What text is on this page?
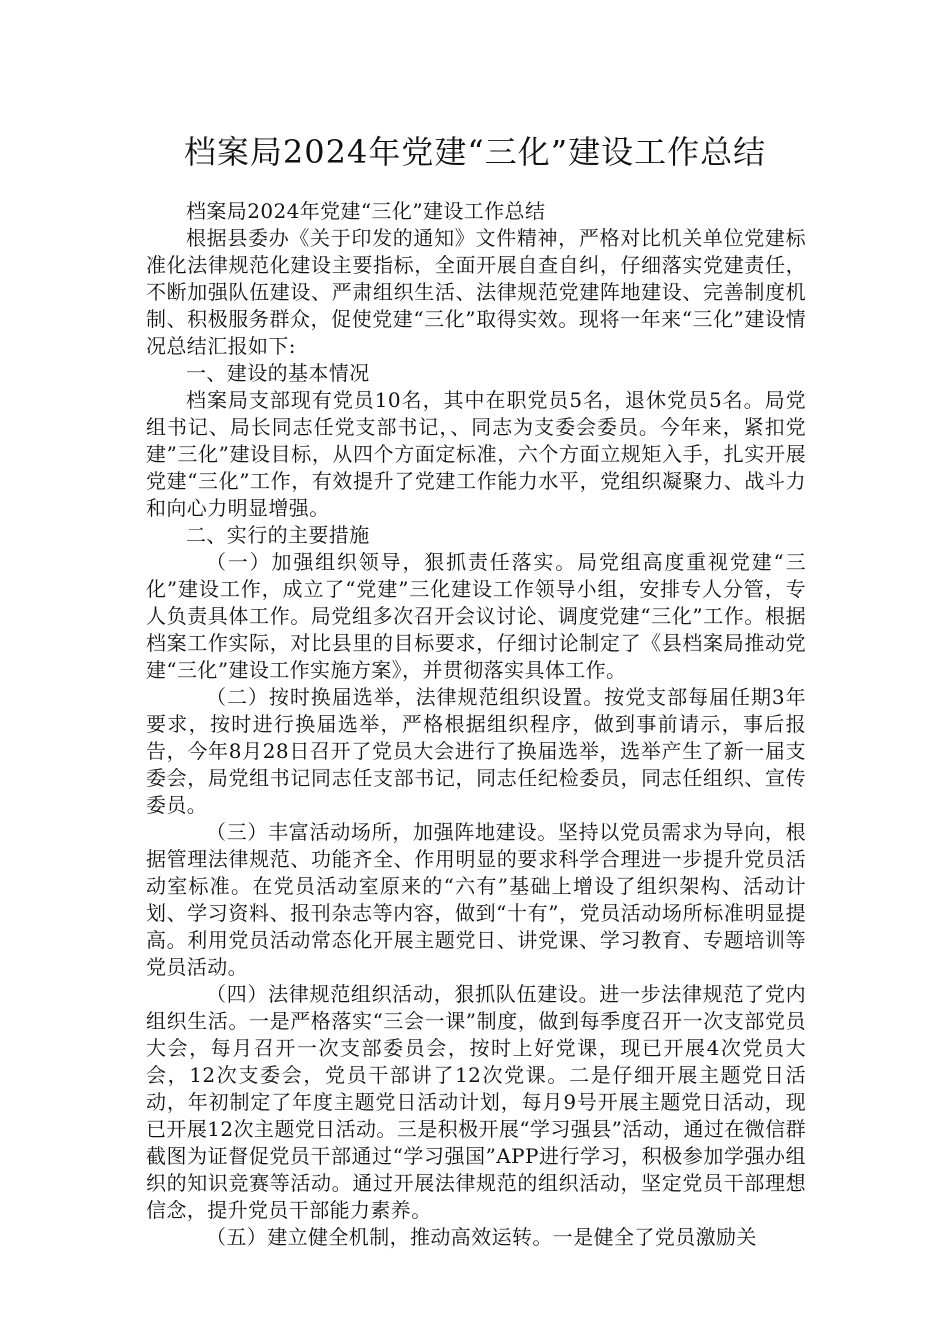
档案局2024年党建“三化”建设工作总结

档案局2024年党建“三化”建设工作总结

根据县委办《关于印发的通知》文件精神，严格对比机关单位党建标准化法律规范化建设主要指标，全面开展自查自纠，仔细落实党建责任，不断加强队伍建设、严肃组织生活、法律规范党建阵地建设、完善制度机制、积极服务群众，促使党建“三化”取得实效。现将一年来“三化”建设情况总结汇报如下:

一、建设的基本情况

档案局支部现有党员10名，其中在职党员5名，退休党员5名。局党组书记、局长同志任党支部书记，、同志为支委会委员。今年来，紧扣党建”三化”建设目标，从四个方面定标准，六个方面立规矩入手，扎实开展党建“三化”工作，有效提升了党建工作能力水平，党组织凝聚力、战斗力和向心力明显增强。

二、实行的主要措施

（一）加强组织领导，狠抓责任落实。局党组高度重视党建“三化”建设工作，成立了“党建”三化建设工作领导小组，安排专人分管，专人负责具体工作。局党组多次召开会议讨论、调度党建“三化”工作。根据档案工作实际，对比县里的目标要求，仔细讨论制定了《县档案局推动党建“三化”建设工作实施方案》，并贯彻落实具体工作。

（二）按时换届选举，法律规范组织设置。按党支部每届任期3年要求，按时进行换届选举，严格根据组织程序，做到事前请示，事后报告，今年8月28日召开了党员大会进行了换届选举，选举产生了新一届支委会，局党组书记同志任支部书记，同志任纪检委员，同志任组织、宣传委员。

（三）丰富活动场所，加强阵地建设。坚持以党员需求为导向，根据管理法律规范、功能齐全、作用明显的要求科学合理进一步提升党员活动室标准。在党员活动室原来的“六有”基础上增设了组织架构、活动计划、学习资料、报刊杂志等内容，做到“十有”，党员活动场所标准明显提高。利用党员活动常态化开展主题党日、讲党课、学习教育、专题培训等党员活动。

（四）法律规范组织活动，狠抓队伍建设。进一步法律规范了党内组织生活。一是严格落实“三会一课”制度，做到每季度召开一次支部党员大会，每月召开一次支部委员会，按时上好党课，现已开展4次党员大会，12次支委会，党员干部讲了12次党课。二是仔细开展主题党日活动，年初制定了年度主题党日活动计划，每月9号开展主题党日活动，现已开展12次主题党日活动。三是积极开展“学习强县”活动，通过在微信群截图为证督促党员干部通过“学习强国”APP进行学习，积极参加学强办组织的知识竞赛等活动。通过开展法律规范的组织活动，坚定党员干部理想信念，提升党员干部能力素养。

（五）建立健全机制，推动高效运转。一是健全了党员激励关
